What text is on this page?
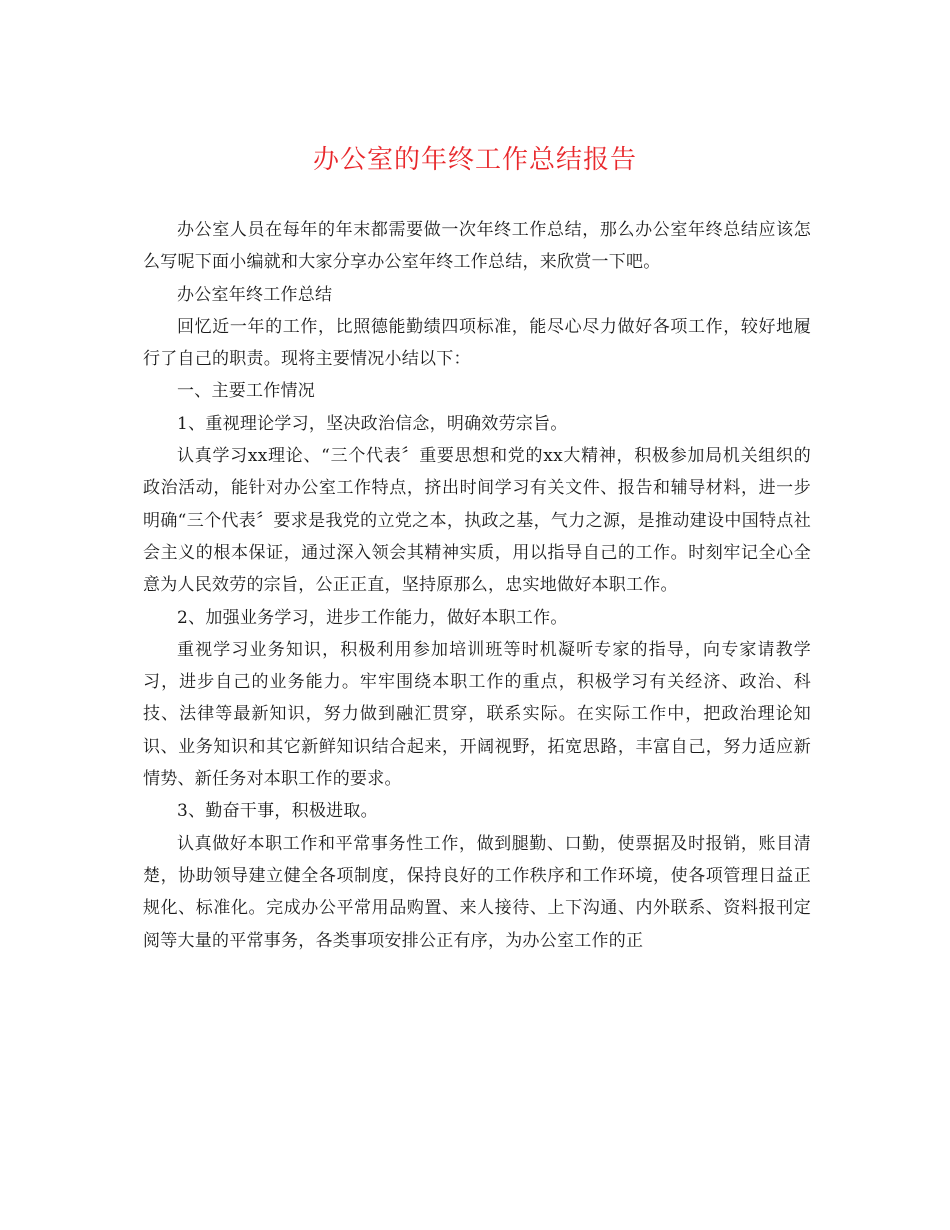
办公室的年终工作总结报告

办公室人员在每年的年末都需要做一次年终工作总结，那么办公室年终总结应该怎么写呢下面小编就和大家分享办公室年终工作总结，来欣赏一下吧。

办公室年终工作总结

回忆近一年的工作，比照德能勤绩四项标准，能尽心尽力做好各项工作，较好地履行了自己的职责。现将主要情况小结以下：

一、主要工作情况

1、重视理论学习，坚决政治信念，明确效劳宗旨。

认真学习xx理论、“三个代表〞重要思想和党的xx大精神，积极参加局机关组织的政治活动，能针对办公室工作特点，挤出时间学习有关文件、报告和辅导材料，进一步明确“三个代表〞要求是我党的立党之本，执政之基，气力之源，是推动建设中国特点社会主义的根本保证，通过深入领会其精神实质，用以指导自己的工作。时刻牢记全心全意为人民效劳的宗旨，公正正直，坚持原那么，忠实地做好本职工作。

2、加强业务学习，进步工作能力，做好本职工作。

重视学习业务知识，积极利用参加培训班等时机凝听专家的指导，向专家请教学习，进步自己的业务能力。牢牢围绕本职工作的重点，积极学习有关经济、政治、科技、法律等最新知识，努力做到融汇贯穿，联系实际。在实际工作中，把政治理论知识、业务知识和其它新鲜知识结合起来，开阔视野，拓宽思路，丰富自己，努力适应新情势、新任务对本职工作的要求。

3、勤奋干事，积极进取。

认真做好本职工作和平常事务性工作，做到腿勤、口勤，使票据及时报销，账目清楚，协助领导建立健全各项制度，保持良好的工作秩序和工作环境，使各项管理日益正规化、标准化。完成办公平常用品购置、来人接待、上下沟通、内外联系、资料报刊定阅等大量的平常事务，各类事项安排公正有序，为办公室工作的正
